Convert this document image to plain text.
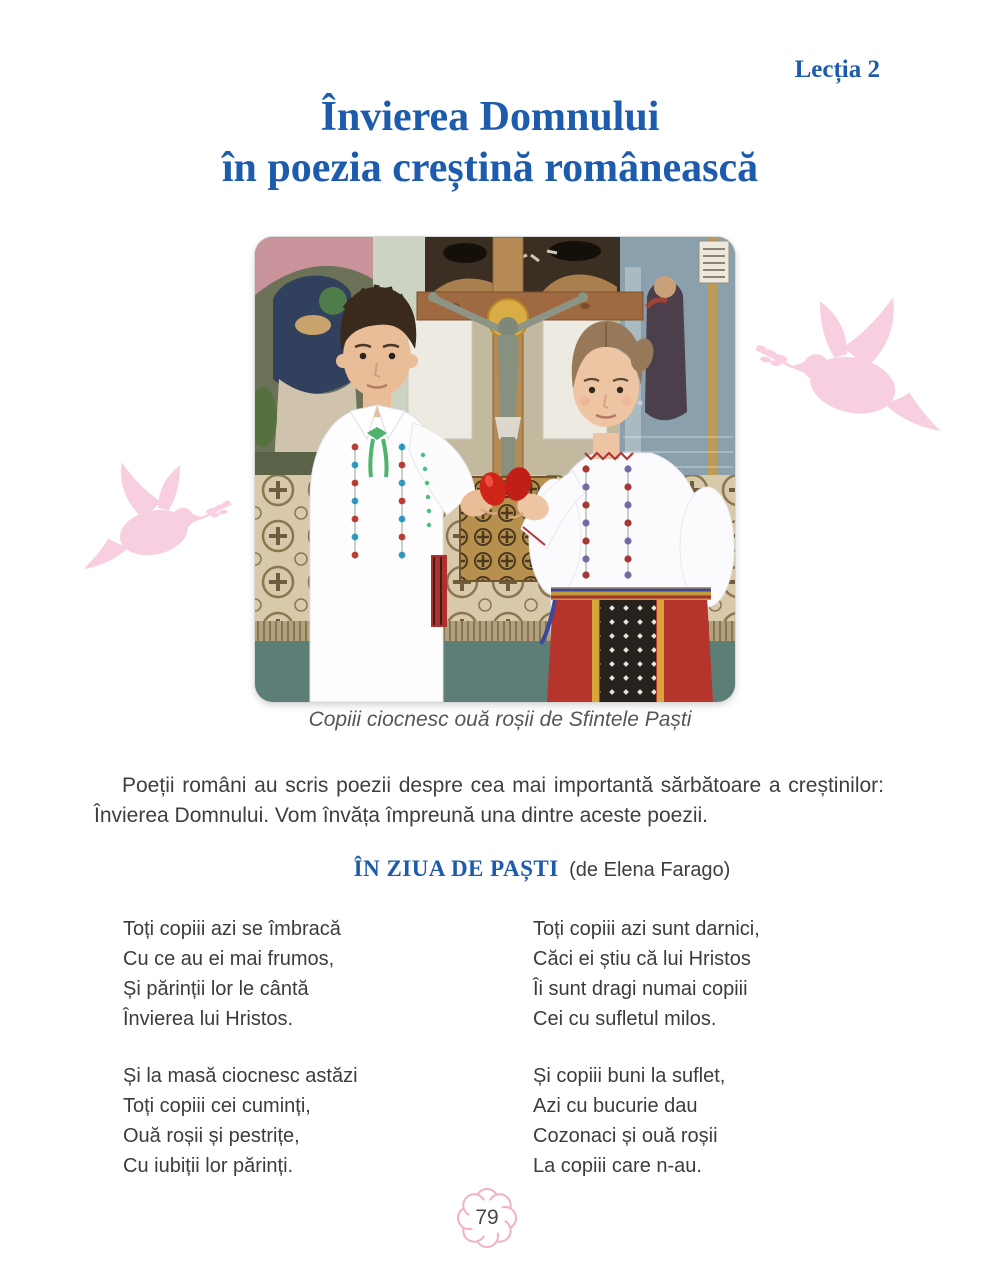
Lecția 2
Învierea Domnului
în poezia creștină românească
Copiii ciocnesc ouă roșii de Sfintele Paști

Poeții români au scris poezii despre cea mai importantă sărbătoare a creștinilor: Învierea Domnului. Vom învăța împreună una dintre aceste poezii.

ÎN ZIUA DE PAȘTI (de Elena Farago)

Toți copiii azi se îmbracă

Cu ce au ei mai frumos,

Și părinții lor le cântă

Învierea lui Hristos.

Și la masă ciocnesc astăzi

Toți copiii cei cuminți,

Ouă roșii și pestrițe,

Cu iubiții lor părinți.

Toți copiii azi sunt darnici,

Căci ei știu că lui Hristos

Îi sunt dragi numai copiii

Cei cu sufletul milos.

Și copiii buni la suflet,

Azi cu bucurie dau

Cozonaci și ouă roșii

La copiii care n-au.

79
